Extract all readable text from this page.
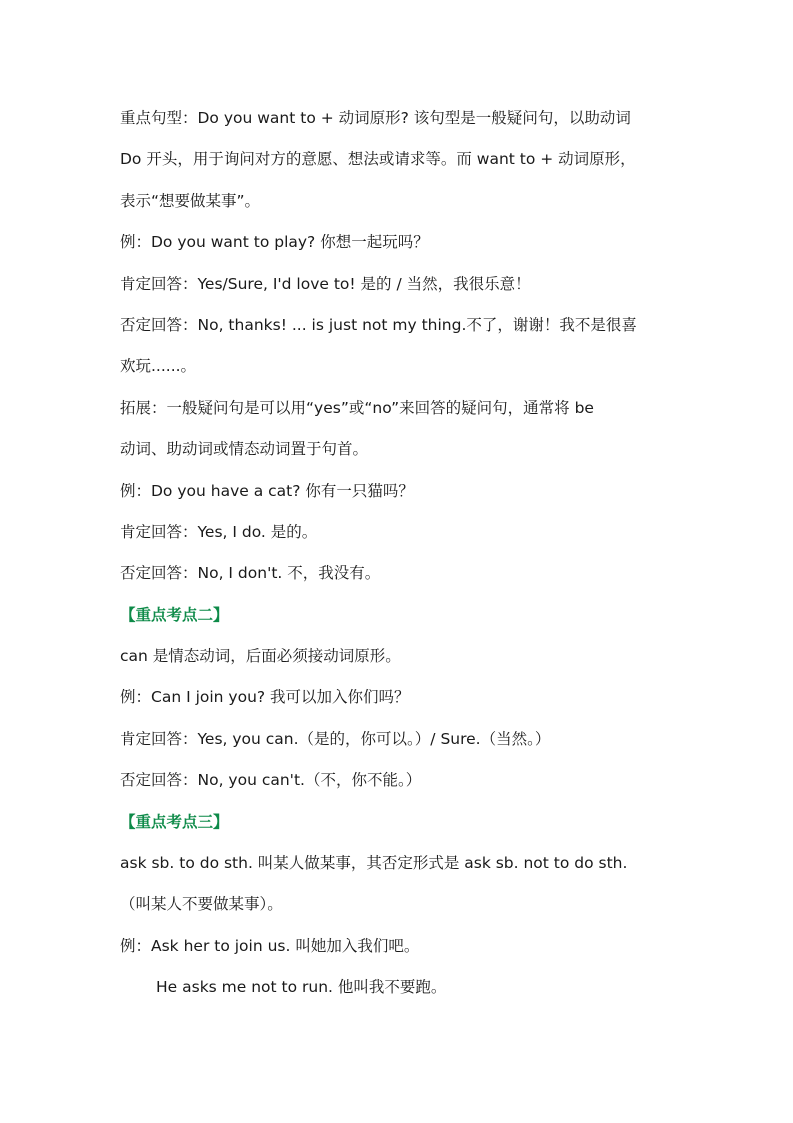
重点句型：Do you want to + 动词原形? 该句型是一般疑问句，以助动词
Do 开头，用于询问对方的意愿、想法或请求等。而 want to + 动词原形，
表示“想要做某事”。
例：Do you want to play? 你想一起玩吗？
肯定回答：Yes/Sure, I'd love to! 是的 / 当然，我很乐意！
否定回答：No, thanks! ... is just not my thing.不了，谢谢！我不是很喜
欢玩......。
拓展：一般疑问句是可以用“yes”或“no”来回答的疑问句，通常将 be
动词、助动词或情态动词置于句首。
例：Do you have a cat? 你有一只猫吗？
肯定回答：Yes, I do. 是的。
否定回答：No, I don't. 不，我没有。
【重点考点二】
can 是情态动词，后面必须接动词原形。
例：Can I join you? 我可以加入你们吗？
肯定回答：Yes, you can.（是的，你可以。）/ Sure.（当然。）
否定回答：No, you can't.（不，你不能。）
【重点考点三】
ask sb. to do sth. 叫某人做某事，其否定形式是 ask sb. not to do sth.
（叫某人不要做某事）。
例：Ask her to join us. 叫她加入我们吧。
He asks me not to run. 他叫我不要跑。
